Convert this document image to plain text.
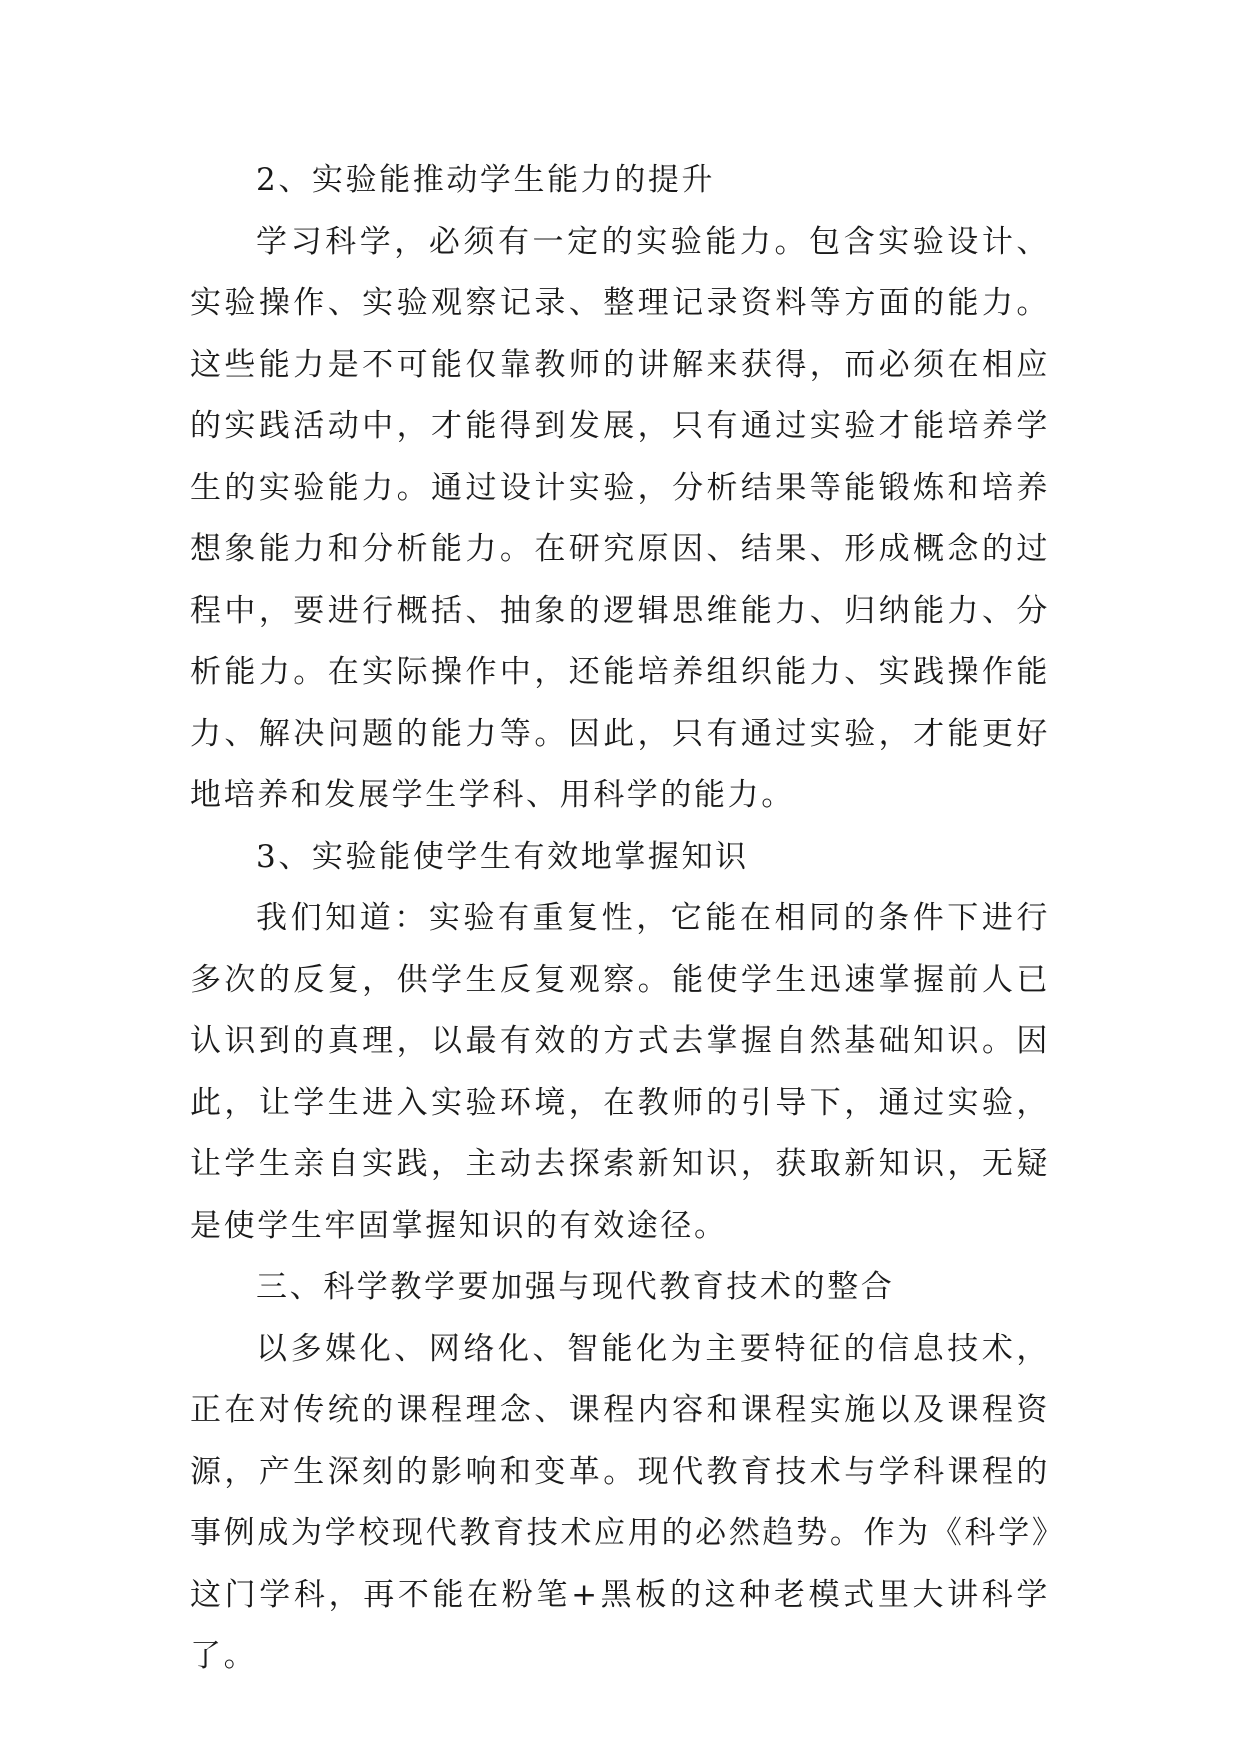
2、实验能推动学生能力的提升

学习科学，必须有一定的实验能力。包含实验设计、实验操作、实验观察记录、整理记录资料等方面的能力。这些能力是不可能仅靠教师的讲解来获得，而必须在相应的实践活动中，才能得到发展，只有通过实验才能培养学生的实验能力。通过设计实验，分析结果等能锻炼和培养想象能力和分析能力。在研究原因、结果、形成概念的过程中，要进行概括、抽象的逻辑思维能力、归纳能力、分析能力。在实际操作中，还能培养组织能力、实践操作能力、解决问题的能力等。因此，只有通过实验，才能更好地培养和发展学生学科、用科学的能力。

3、实验能使学生有效地掌握知识

我们知道：实验有重复性，它能在相同的条件下进行多次的反复，供学生反复观察。能使学生迅速掌握前人已认识到的真理，以最有效的方式去掌握自然基础知识。因此，让学生进入实验环境，在教师的引导下，通过实验，让学生亲自实践，主动去探索新知识，获取新知识，无疑是使学生牢固掌握知识的有效途径。

三、科学教学要加强与现代教育技术的整合

以多媒化、网络化、智能化为主要特征的信息技术，正在对传统的课程理念、课程内容和课程实施以及课程资源，产生深刻的影响和变革。现代教育技术与学科课程的事例成为学校现代教育技术应用的必然趋势。作为《科学》这门学科，再不能在粉笔+黑板的这种老模式里大讲科学了。
